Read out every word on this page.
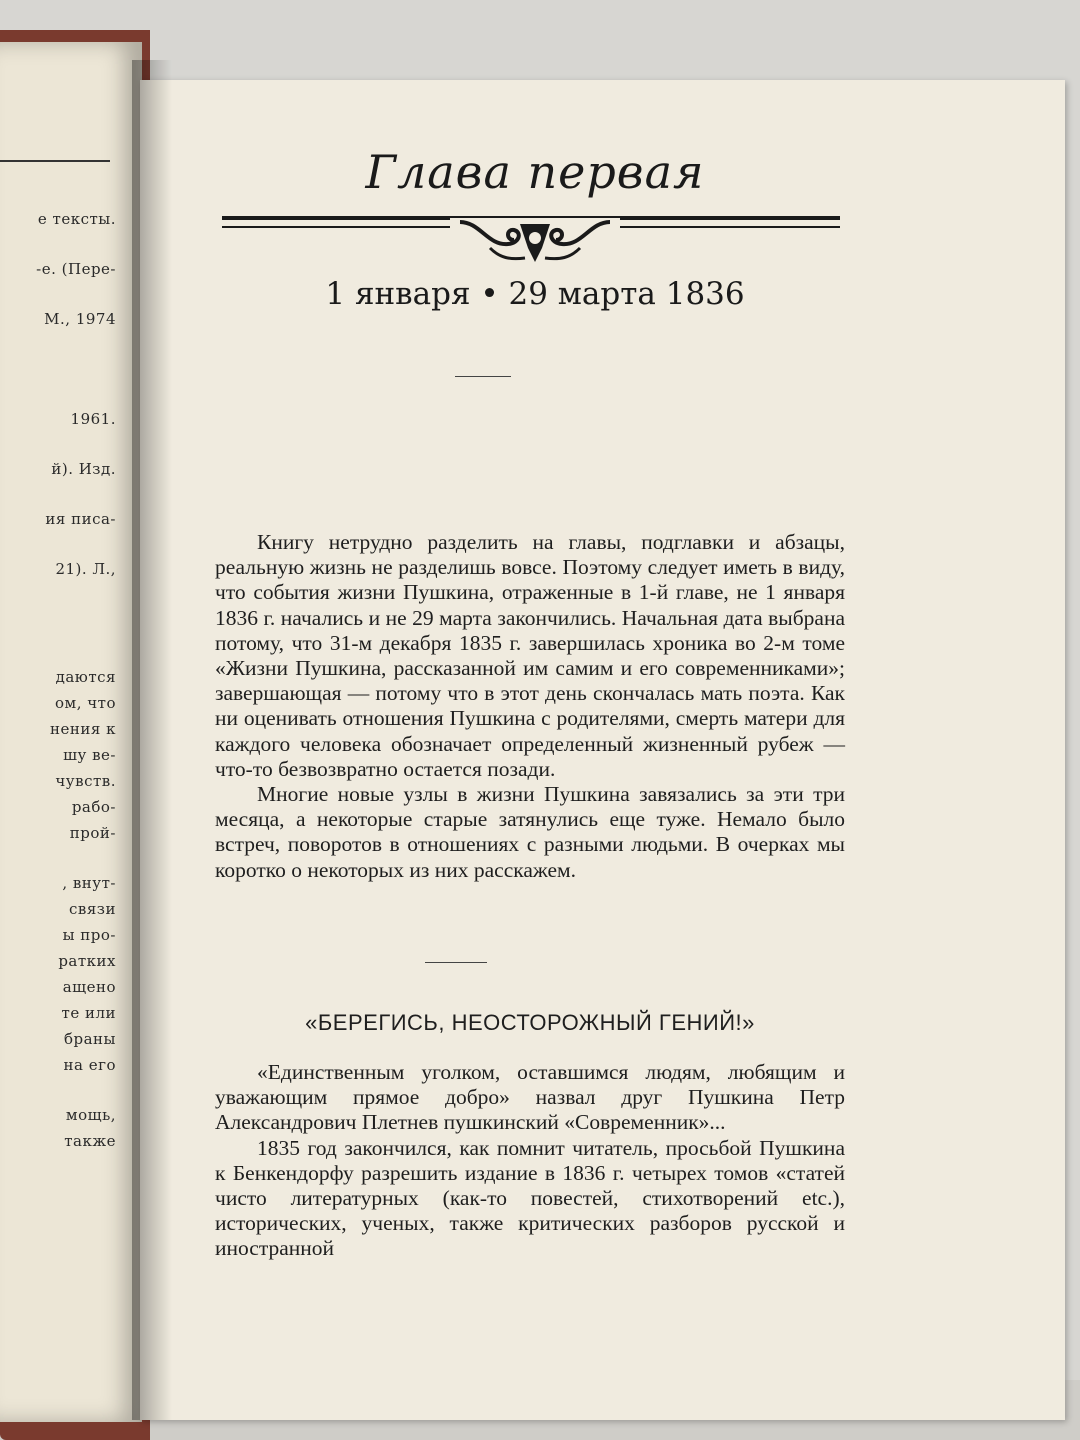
е тексты.
-е. (Пере-
М., 1974
1961.
й). Изд.
ия писа-
21). Л.,
даются
ом, что
нения к
шу ве-
чувств.
рабо-
прой-
, внут-
связи
ы про-
ратких
ащено
те или
браны
на его
мощь,
также
Глава первая
1 января • 29 марта 1836

Книгу нетрудно разделить на главы, подглавки и абзацы, реальную жизнь не разделишь вовсе. Поэтому следует иметь в виду, что события жизни Пушкина, отраженные в 1-й главе, не 1 января 1836 г. начались и не 29 марта закончились. Начальная дата выбрана потому, что 31-м декабря 1835 г. завершилась хроника во 2-м томе «Жизни Пушкина, рассказанной им самим и его современниками»; завершающая — потому что в этот день скончалась мать поэта. Как ни оценивать отношения Пушкина с родителями, смерть матери для каждого человека обозначает определенный жизненный рубеж — что-то безвозвратно остается позади.

Многие новые узлы в жизни Пушкина завязались за эти три месяца, а некоторые старые затянулись еще туже. Немало было встреч, поворотов в отношениях с разными людьми. В очерках мы коротко о некоторых из них расскажем.

«БЕРЕГИСЬ, НЕОСТОРОЖНЫЙ ГЕНИЙ!»

«Единственным уголком, оставшимся людям, любящим и уважающим прямое добро» назвал друг Пушкина Петр Александрович Плетнев пушкинский «Современник»...

1835 год закончился, как помнит читатель, просьбой Пушкина к Бенкендорфу разрешить издание в 1836 г. четырех томов «статей чисто литературных (как-то повестей, стихотворений etc.), исторических, ученых, также критических разборов русской и иностранной
